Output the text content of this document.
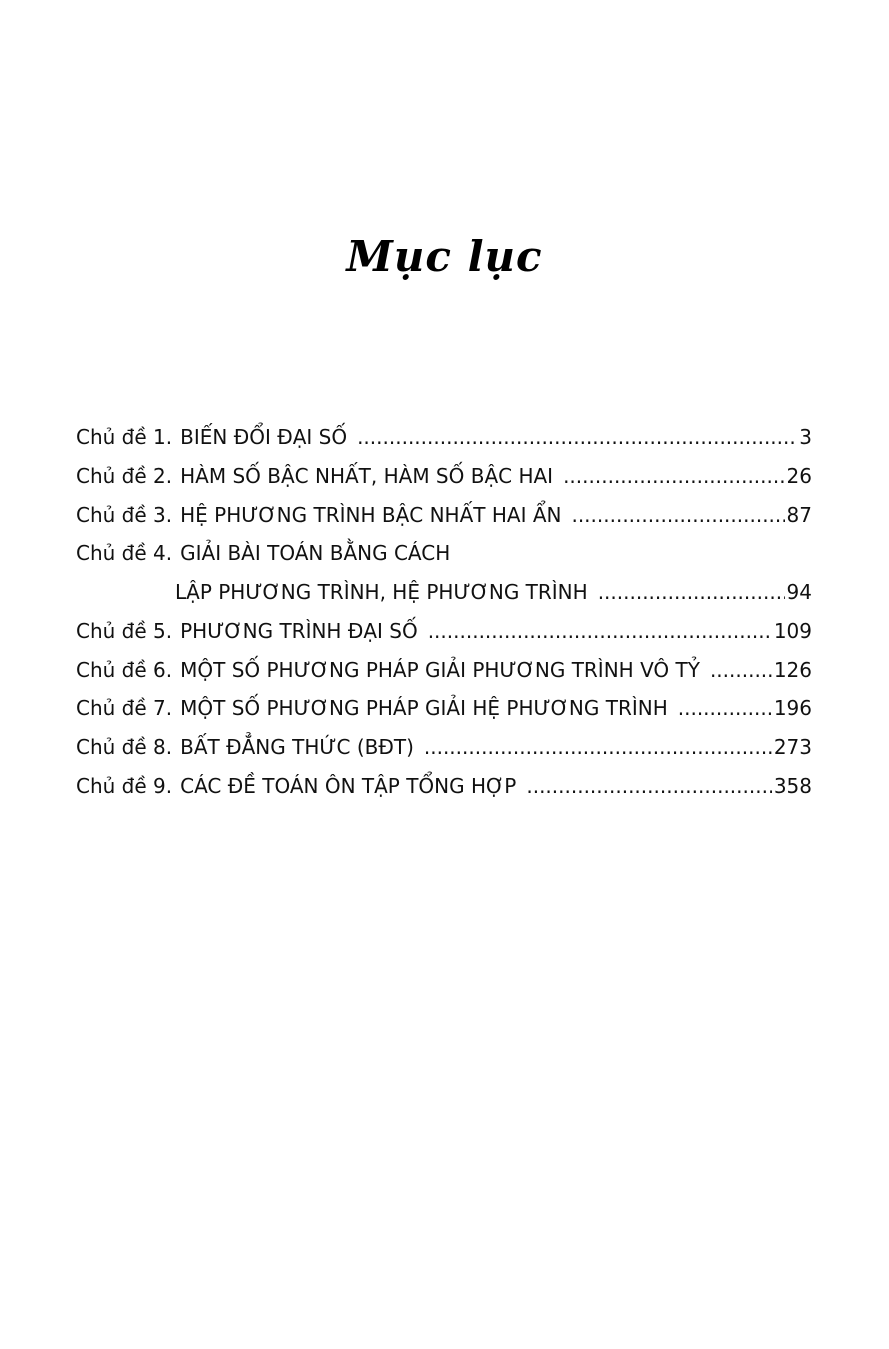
Mục lục
Chủ đề 1. BIẾN ĐỔI ĐẠI SỐ .....	3
Chủ đề 2. HÀM SỐ BẬC NHẤT, HÀM SỐ BẬC HAI .....	26
Chủ đề 3. HỆ PHƯƠNG TRÌNH BẬC NHẤT HAI ẨN .....	87
Chủ đề 4. GIẢI BÀI TOÁN BẰNG CÁCH
LẬP PHƯƠNG TRÌNH, HỆ PHƯƠNG TRÌNH .....	94
Chủ đề 5. PHƯƠNG TRÌNH ĐẠI SỐ .....	109
Chủ đề 6. MỘT SỐ PHƯƠNG PHÁP GIẢI PHƯƠNG TRÌNH VÔ TỶ .....	126
Chủ đề 7. MỘT SỐ PHƯƠNG PHÁP GIẢI HỆ PHƯƠNG TRÌNH .....	196
Chủ đề 8. BẤT ĐẲNG THỨC (BĐT) .....	273
Chủ đề 9. CÁC ĐỀ TOÁN ÔN TẬP TỔNG HỢP .....	358
